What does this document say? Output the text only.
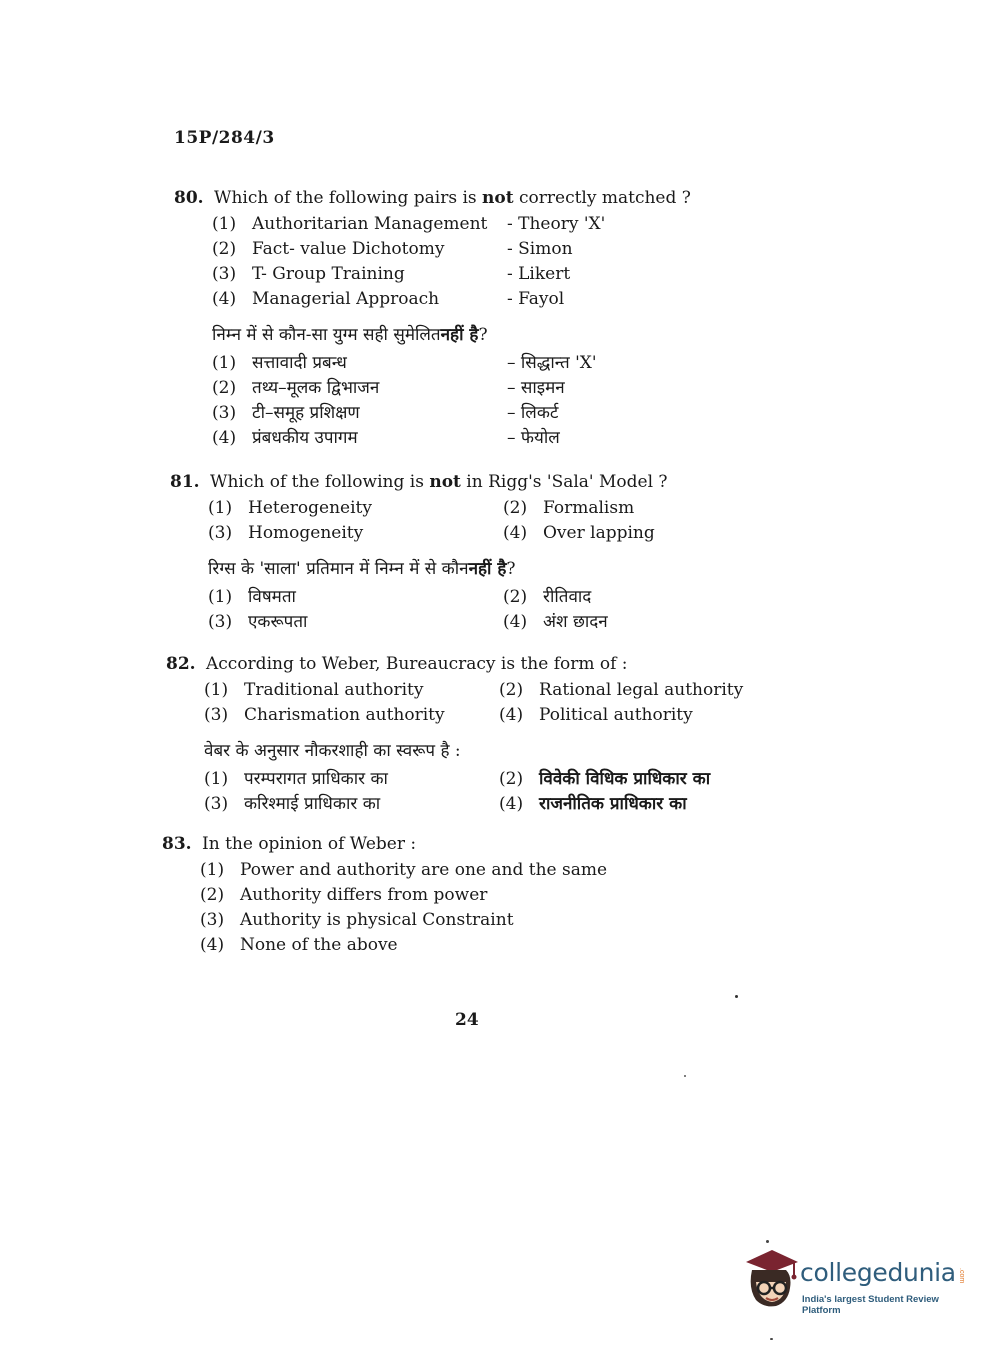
15P/284/3
80. Which of the following pairs is not correctly matched ?
(1) Authoritarian Management	- Theory 'X'
(2) Fact- value Dichotomy	- Simon
(3) T- Group Training	- Likert
(4) Managerial Approach	- Fayol
निम्न में से कौन-सा युग्म सही सुमेलित नहीं है ?
(1) सत्तावादी प्रबन्ध	– सिद्धान्त 'X'
(2) तथ्य–मूलक द्विभाजन	– साइमन
(3) टी–समूह प्रशिक्षण	– लिकर्ट
(4) प्रंबधकीय उपागम	– फेयोल
81. Which of the following is not in Rigg's 'Sala' Model ?
(1) Heterogeneity	(2) Formalism
(3) Homogeneity	(4) Over lapping
रिग्स के 'साला' प्रतिमान में निम्न में से कौन नहीं है ?
(1) विषमता	(2) रीतिवाद
(3) एकरूपता	(4) अंश छादन
82. According to Weber, Bureaucracy is the form of :
(1) Traditional authority	(2) Rational legal authority
(3) Charismation authority	(4) Political authority
वेबर के अनुसार नौकरशाही का स्वरूप है :
(1) परम्परागत प्राधिकार का	(2) विवेकी विधिक प्राधिकार का
(3) करिश्माई प्राधिकार का	(4) राजनीतिक प्राधिकार का
83. In the opinion of Weber :
(1) Power and authority are one and the same
(2) Authority differs from power
(3) Authority is physical Constraint
(4) None of the above
24
collegedunia .com
India's largest Student Review Platform
